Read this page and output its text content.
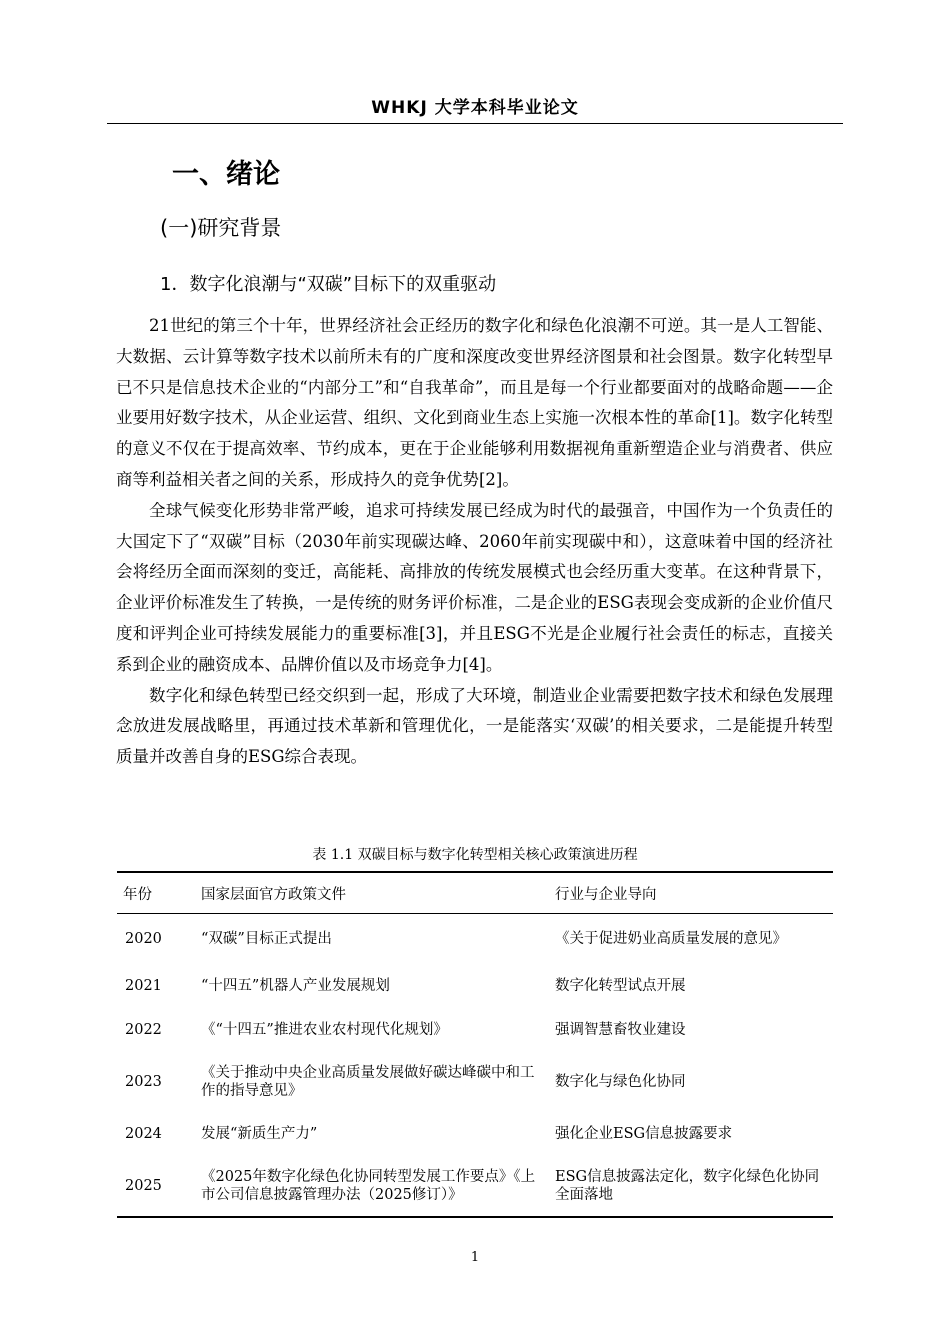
WHKJ 大学本科毕业论文
一、绪论
(一)研究背景
1．数字化浪潮与“双碳”目标下的双重驱动

21世纪的第三个十年，世界经济社会正经历的数字化和绿色化浪潮不可逆。其一是人工智能、大数据、云计算等数字技术以前所未有的广度和深度改变世界经济图景和社会图景。数字化转型早已不只是信息技术企业的“内部分工”和“自我革命”，而且是每一个行业都要面对的战略命题——企业要用好数字技术，从企业运营、组织、文化到商业生态上实施一次根本性的革命[1]。数字化转型的意义不仅在于提高效率、节约成本，更在于企业能够利用数据视角重新塑造企业与消费者、供应商等利益相关者之间的关系，形成持久的竞争优势[2]。

全球气候变化形势非常严峻，追求可持续发展已经成为时代的最强音，中国作为一个负责任的大国定下了“双碳”目标（2030年前实现碳达峰、2060年前实现碳中和），这意味着中国的经济社会将经历全面而深刻的变迁，高能耗、高排放的传统发展模式也会经历重大变革。在这种背景下，企业评价标准发生了转换，一是传统的财务评价标准，二是企业的ESG表现会变成新的企业价值尺度和评判企业可持续发展能力的重要标准[3]，并且ESG不光是企业履行社会责任的标志，直接关系到企业的融资成本、品牌价值以及市场竞争力[4]。

数字化和绿色转型已经交织到一起，形成了大环境，制造业企业需要把数字技术和绿色发展理念放进发展战略里，再通过技术革新和管理优化，一是能落实‘双碳’的相关要求，二是能提升转型质量并改善自身的ESG综合表现。

表 1.1 双碳目标与数字化转型相关核心政策演进历程
年份	国家层面官方政策文件	行业与企业导向
2020	“双碳”目标正式提出	《关于促进奶业高质量发展的意见》
2021	“十四五”机器人产业发展规划	数字化转型试点开展
2022	《“十四五”推进农业农村现代化规划》	强调智慧畜牧业建设
2023	《关于推动中央企业高质量发展做好碳达峰碳中和工作的指导意见》	数字化与绿色化协同
2024	发展“新质生产力”	强化企业ESG信息披露要求
2025	《2025年数字化绿色化协同转型发展工作要点》《上市公司信息披露管理办法（2025修订）》	ESG信息披露法定化，数字化绿色化协同全面落地
1
